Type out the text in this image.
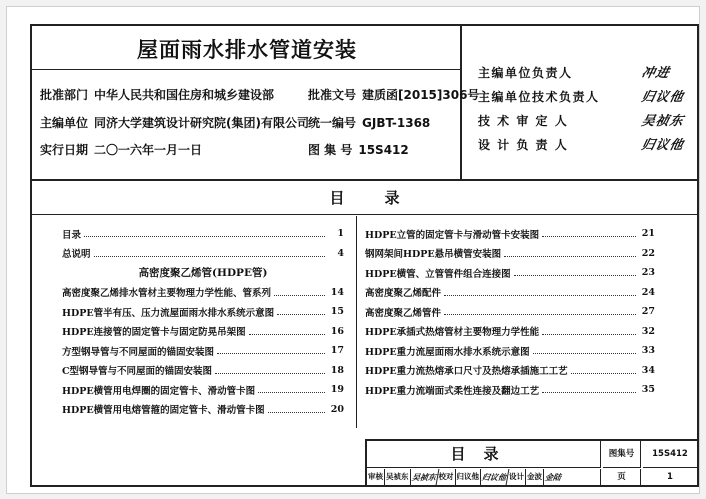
屋面雨水排水管道安装
批准部门 中华人民共和国住房和城乡建设部	批准文号 建质函[2015]306号
主编单位 同济大学建筑设计研究院(集团)有限公司 统一编号 GJBT-1368
实行日期 二〇一六年一月一日	图 集 号 15S412
主编单位负责人	冲进
主编单位技术负责人	归议他
技 术 审 定 人	吴祯东
设 计 负 责 人	归议他
目录
目录	1
总说明	4
高密度聚乙烯管(HDPE管)
高密度聚乙烯排水管材主要物理力学性能、管系列	14
HDPE管半有压、压力流屋面雨水排水系统示意图	15
HDPE连接管的固定管卡与固定防晃吊架图	16
方型钢导管与不同屋面的锚固安装图	17
C型钢导管与不同屋面的锚固安装图	18
HDPE横管用电焊圈的固定管卡、滑动管卡图	19
HDPE横管用电熔管箍的固定管卡、滑动管卡图	20
HDPE立管的固定管卡与滑动管卡安装图	21
钢网架间HDPE悬吊横管安装图	22
HDPE横管、立管管件组合连接图	23
高密度聚乙烯配件	24
高密度聚乙烯管件	27
HDPE承插式热熔管材主要物理力学性能	32
HDPE重力流屋面雨水排水系统示意图	33
HDPE重力流热熔承口尺寸及热熔承插施工工艺	34
HDPE重力流端面式柔性连接及翻边工艺	35
目录	图集号	15S412
页	1
审核 吴祯东 吴祯东 校对 归议他 归议他 设计 金波 金陆
